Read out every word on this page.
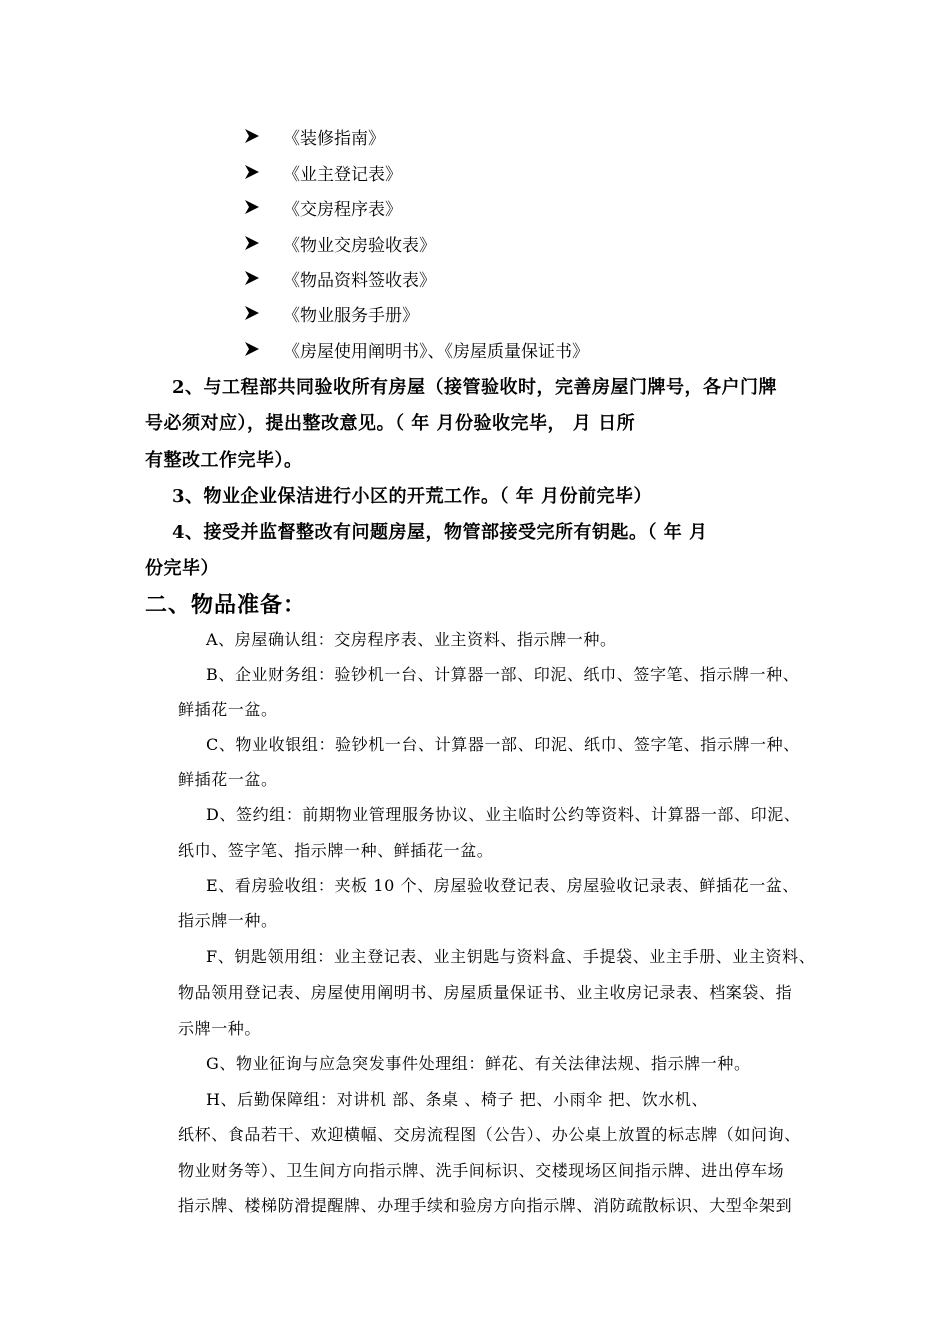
《装修指南》
《业主登记表》
《交房程序表》
《物业交房验收表》
《物品资料签收表》
《物业服务手册》
《房屋使用阐明书》、《房屋质量保证书》
2、与工程部共同验收所有房屋（接管验收时，完善房屋门牌号，各户门牌
号必须对应），提出整改意见。（ 年 月份验收完毕， 月 日所
有整改工作完毕）。
3、物业企业保洁进行小区的开荒工作。（ 年 月份前完毕）
4、接受并监督整改有问题房屋，物管部接受完所有钥匙。（ 年 月
份完毕）
二、物品准备：
A、房屋确认组：交房程序表、业主资料、指示牌一种。
B、企业财务组：验钞机一台、计算器一部、印泥、纸巾、签字笔、指示牌一种、
鲜插花一盆。
C、物业收银组：验钞机一台、计算器一部、印泥、纸巾、签字笔、指示牌一种、
鲜插花一盆。
D、签约组：前期物业管理服务协议、业主临时公约等资料、计算器一部、印泥、
纸巾、签字笔、指示牌一种、鲜插花一盆。
E、看房验收组：夹板 10 个、房屋验收登记表、房屋验收记录表、鲜插花一盆、
指示牌一种。
F、钥匙领用组：业主登记表、业主钥匙与资料盒、手提袋、业主手册、业主资料、
物品领用登记表、房屋使用阐明书、房屋质量保证书、业主收房记录表、档案袋、指
示牌一种。
G、物业征询与应急突发事件处理组：鲜花、有关法律法规、指示牌一种。
H、后勤保障组：对讲机 部、条桌 、椅子 把、小雨伞 把、饮水机、
纸杯、食品若干、欢迎横幅、交房流程图（公告）、办公桌上放置的标志牌（如问询、
物业财务等）、卫生间方向指示牌、洗手间标识、交楼现场区间指示牌、进出停车场
指示牌、楼梯防滑提醒牌、办理手续和验房方向指示牌、消防疏散标识、大型伞架到
